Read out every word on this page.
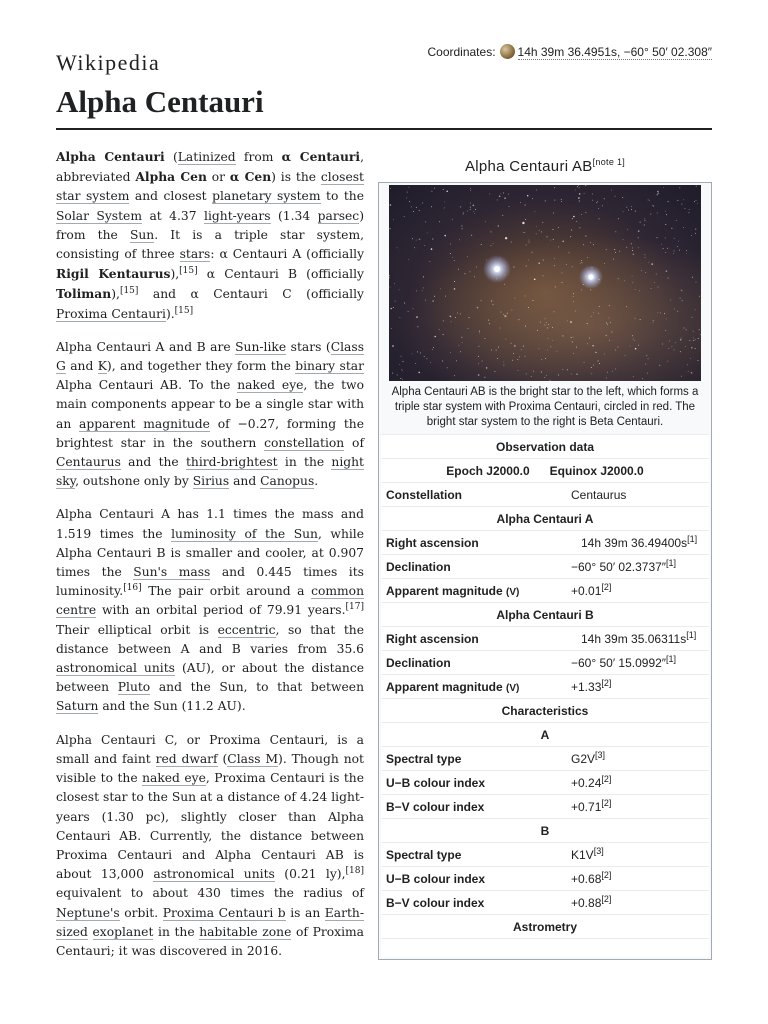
Wikipedia	Coordinates: 14h 39m 36.4951s, −60° 50′ 02.308″
Alpha Centauri

Alpha Centauri (Latinized from α Centauri, abbreviated Alpha Cen or α Cen) is the closest star system and closest planetary system to the Solar System at 4.37 light-years (1.34 parsec) from the Sun. It is a triple star system, consisting of three stars: α Centauri A (officially Rigil Kentaurus),[15] α Centauri B (officially Toliman),[15] and α Centauri C (officially Proxima Centauri).[15]

Alpha Centauri A and B are Sun-like stars (Class G and K), and together they form the binary star Alpha Centauri AB. To the naked eye, the two main components appear to be a single star with an apparent magnitude of −0.27, forming the brightest star in the southern constellation of Centaurus and the third-brightest in the night sky, outshone only by Sirius and Canopus.

Alpha Centauri A has 1.1 times the mass and 1.519 times the luminosity of the Sun, while Alpha Centauri B is smaller and cooler, at 0.907 times the Sun's mass and 0.445 times its luminosity.[16] The pair orbit around a common centre with an orbital period of 79.91 years.[17] Their elliptical orbit is eccentric, so that the distance between A and B varies from 35.6 astronomical units (AU), or about the distance between Pluto and the Sun, to that between Saturn and the Sun (11.2 AU).

Alpha Centauri C, or Proxima Centauri, is a small and faint red dwarf (Class M). Though not visible to the naked eye, Proxima Centauri is the closest star to the Sun at a distance of 4.24 light-years (1.30 pc), slightly closer than Alpha Centauri AB. Currently, the distance between Proxima Centauri and Alpha Centauri AB is about 13,000 astronomical units (0.21 ly),[18] equivalent to about 430 times the radius of Neptune's orbit. Proxima Centauri b is an Earth-sized exoplanet in the habitable zone of Proxima Centauri; it was discovered in 2016.

Alpha Centauri AB[note 1]
Alpha Centauri AB is the bright star to the left, which forms a triple star system with Proxima Centauri, circled in red. The bright star system to the right is Beta Centauri.
Observation data	
Epoch J2000.0 Equinox J2000.0	
Constellation	Centaurus
Alpha Centauri A	
Right ascension	14h 39m 36.49400s[1]
Declination	−60° 50′ 02.3737″[1]
Apparent magnitude (V)	+0.01[2]
Alpha Centauri B	
Right ascension	14h 39m 35.06311s[1]
Declination	−60° 50′ 15.0992″[1]
Apparent magnitude (V)	+1.33[2]
Characteristics	
A	
Spectral type	G2V[3]
U−B colour index	+0.24[2]
B−V colour index	+0.71[2]
B	
Spectral type	K1V[3]
U−B colour index	+0.68[2]
B−V colour index	+0.88[2]
Astrometry	
